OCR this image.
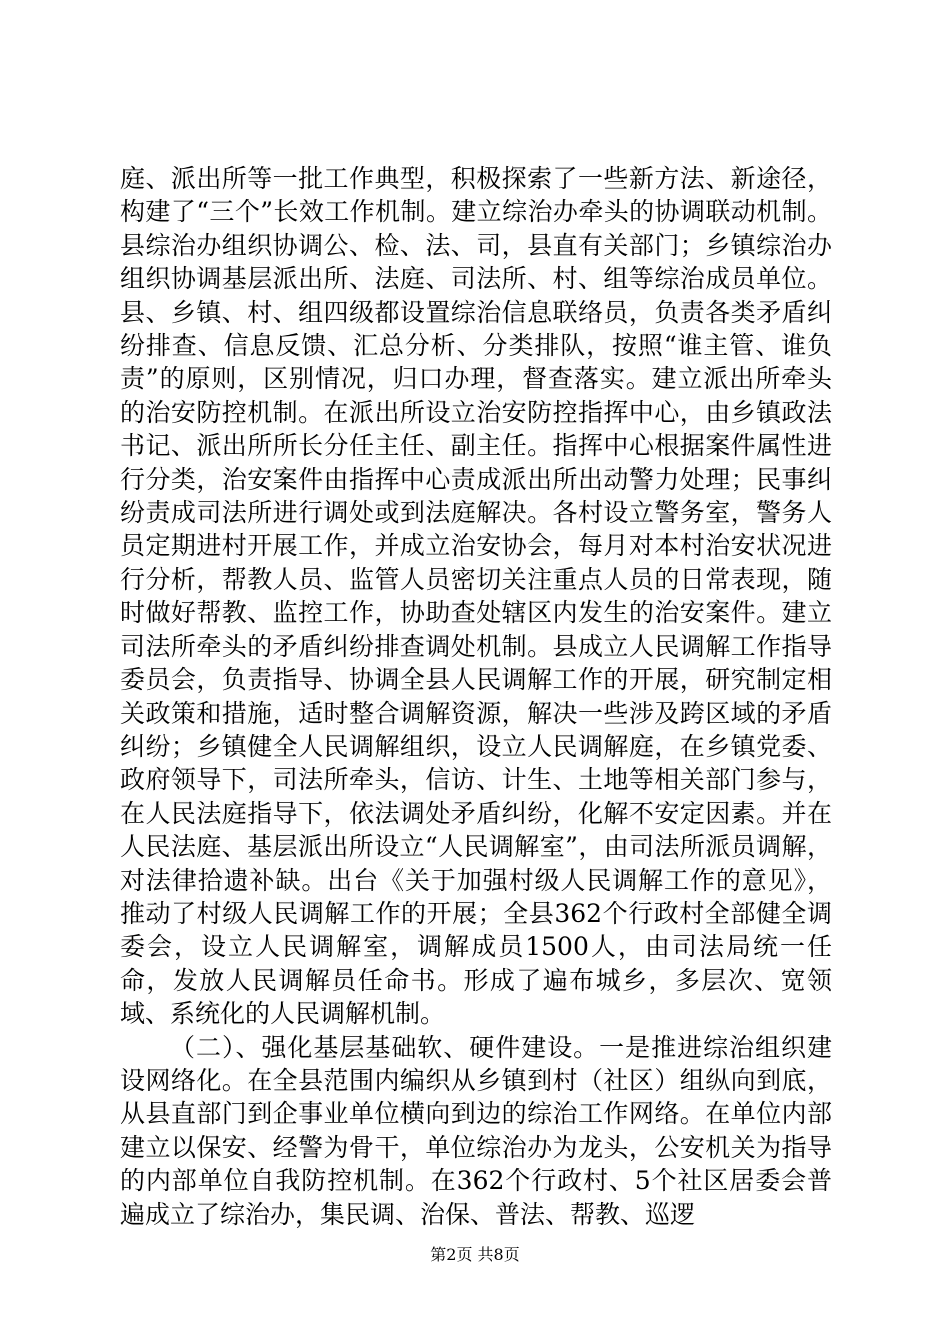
庭、派出所等一批工作典型，积极探索了一些新方法、新途径，构建了“三个”长效工作机制。建立综治办牵头的协调联动机制。县综治办组织协调公、检、法、司，县直有关部门；乡镇综治办组织协调基层派出所、法庭、司法所、村、组等综治成员单位。县、乡镇、村、组四级都设置综治信息联络员，负责各类矛盾纠纷排查、信息反馈、汇总分析、分类排队，按照“谁主管、谁负责”的原则，区别情况，归口办理，督查落实。建立派出所牵头的治安防控机制。在派出所设立治安防控指挥中心，由乡镇政法书记、派出所所长分任主任、副主任。指挥中心根据案件属性进行分类，治安案件由指挥中心责成派出所出动警力处理；民事纠纷责成司法所进行调处或到法庭解决。各村设立警务室，警务人员定期进村开展工作，并成立治安协会，每月对本村治安状况进行分析，帮教人员、监管人员密切关注重点人员的日常表现，随时做好帮教、监控工作，协助查处辖区内发生的治安案件。建立司法所牵头的矛盾纠纷排查调处机制。县成立人民调解工作指导委员会，负责指导、协调全县人民调解工作的开展，研究制定相关政策和措施，适时整合调解资源，解决一些涉及跨区域的矛盾纠纷；乡镇健全人民调解组织，设立人民调解庭，在乡镇党委、政府领导下，司法所牵头，信访、计生、土地等相关部门参与，在人民法庭指导下，依法调处矛盾纠纷，化解不安定因素。并在人民法庭、基层派出所设立“人民调解室”，由司法所派员调解，对法律拾遗补缺。出台《关于加强村级人民调解工作的意见》，推动了村级人民调解工作的开展；全县362个行政村全部健全调委会，设立人民调解室，调解成员1500人，由司法局统一任命，发放人民调解员任命书。形成了遍布城乡，多层次、宽领域、系统化的人民调解机制。

（二）、强化基层基础软、硬件建设。一是推进综治组织建设网络化。在全县范围内编织从乡镇到村（社区）组纵向到底，从县直部门到企事业单位横向到边的综治工作网络。在单位内部建立以保安、经警为骨干，单位综治办为龙头，公安机关为指导的内部单位自我防控机制。在362个行政村、5个社区居委会普遍成立了综治办，集民调、治保、普法、帮教、巡逻

第2页 共8页
